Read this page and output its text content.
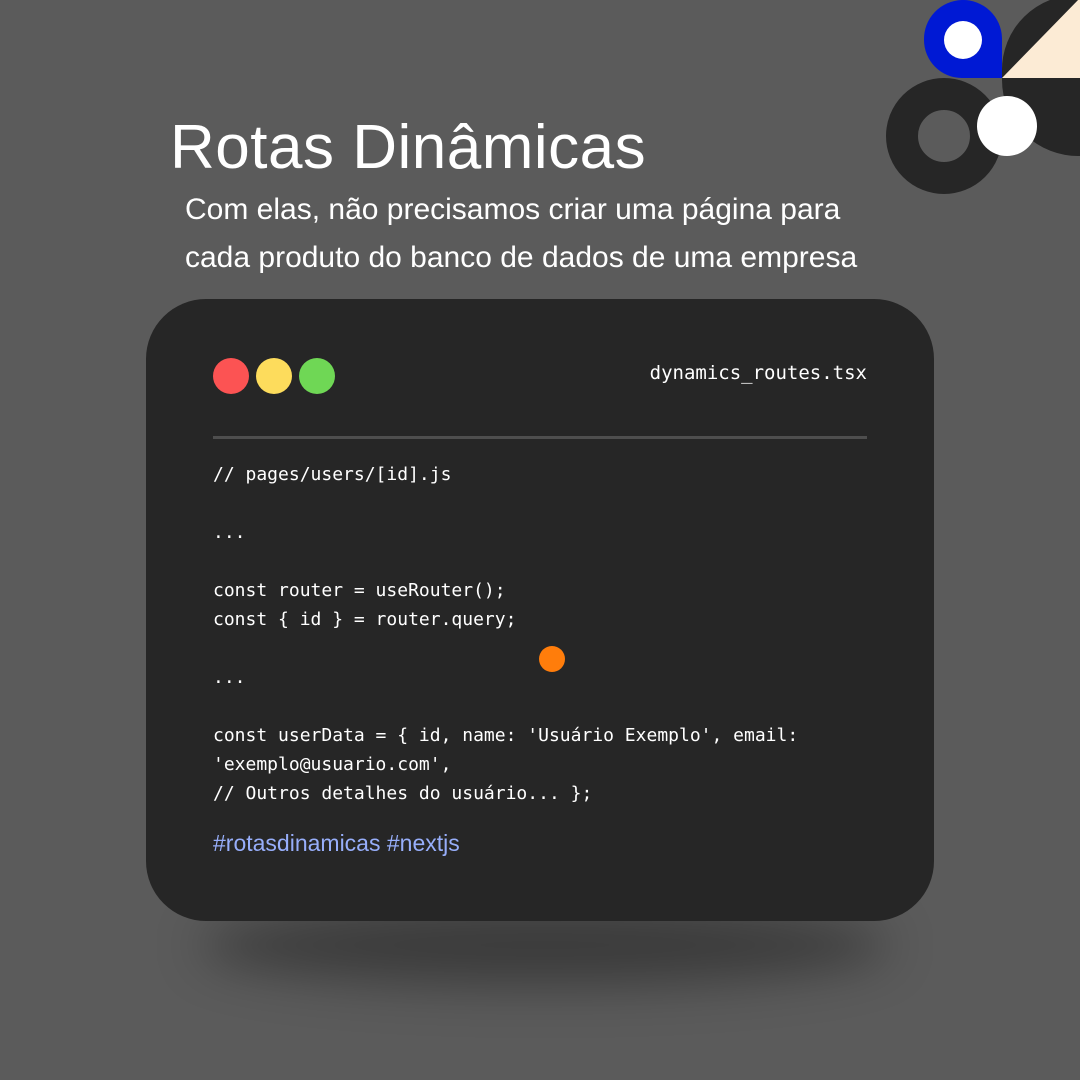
Rotas Dinâmicas
Com elas, não precisamos criar uma página para
cada produto do banco de dados de uma empresa
dynamics_routes.tsx
// pages/users/[id].js
...
const router = useRouter();
const { id } = router.query;
...
const userData = { id, name: 'Usuário Exemplo', email:
'exemplo@usuario.com',
// Outros detalhes do usuário... };
#rotasdinamicas #nextjs
